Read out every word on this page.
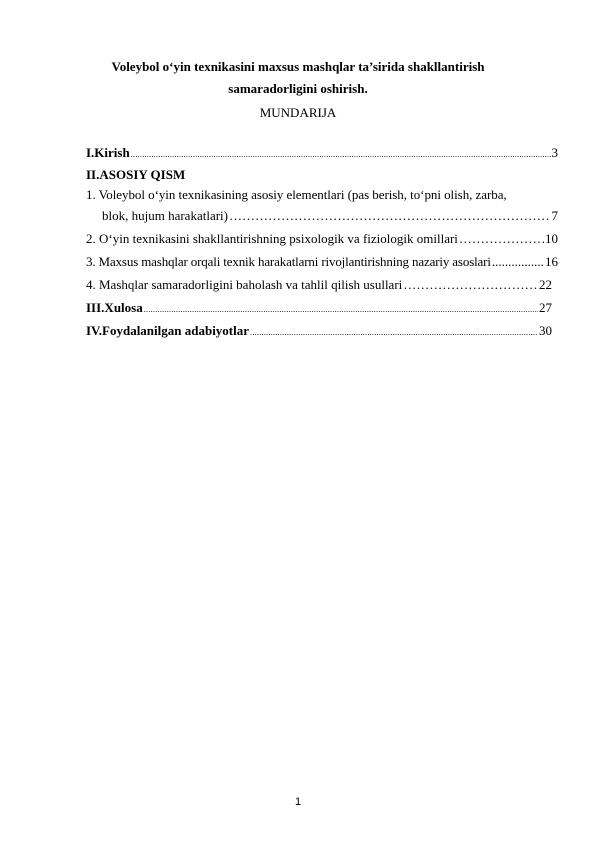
Voleybol o‘yin texnikasini maxsus mashqlar ta’sirida shakllantirish
samaradorligini oshirish.
MUNDARIJA
I.Kirish .....	3
II.ASOSIY QISM
1. Voleybol o‘yin texnikasining asosiy elementlari (pas berish, to‘pni olish, zarba,
blok, hujum harakatlari) …………………………………………………………………………………………………………………………………………………………………………………………………………	7
2. O‘yin texnikasini shakllantirishning psixologik va fiziologik omillari …………………………………………………………………………………………………………………………………………………………………………………………………………	10
3. Maxsus mashqlar orqali texnik harakatlarni rivojlantirishning nazariy asoslari .....	16
4. Mashqlar samaradorligini baholash va tahlil qilish usullari …………………………………………………………………………………………………………………………………………………………………………………………………………	22
III.Xulosa .....	27
IV.Foydalanilgan adabiyotlar .....	30
1
